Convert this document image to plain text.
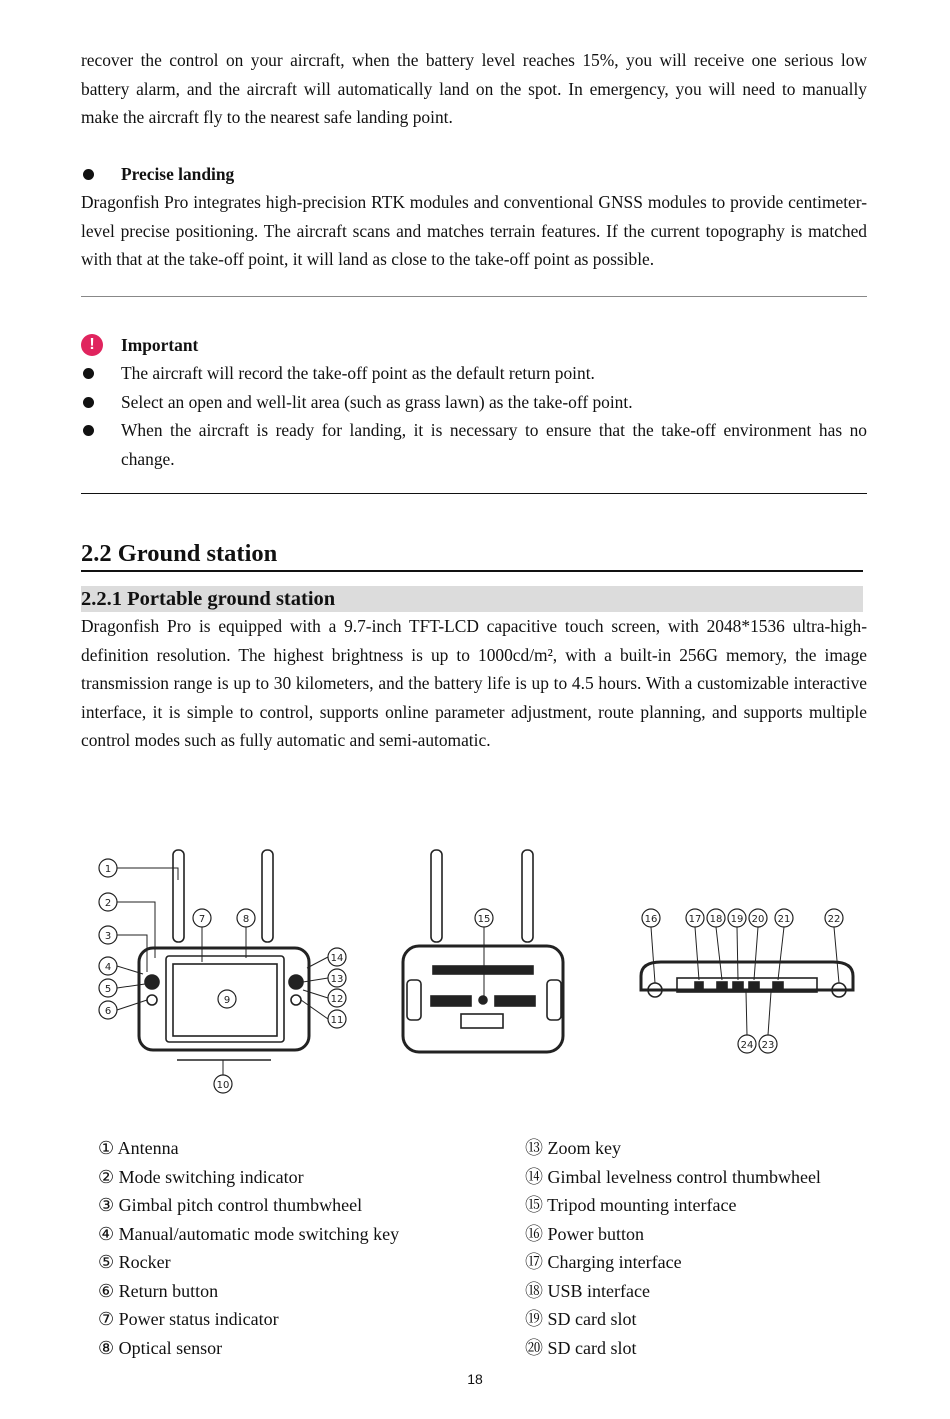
recover the control on your aircraft, when the battery level reaches 15%, you will receive one serious low battery alarm, and the aircraft will automatically land on the spot. In emergency, you will need to manually make the aircraft fly to the nearest safe landing point.

Precise landing

Dragonfish Pro integrates high-precision RTK modules and conventional GNSS modules to provide centimeter-level precise positioning. The aircraft scans and matches terrain features. If the current topography is matched with that at the take-off point, it will land as close to the take-off point as possible.

!	Important
The aircraft will record the take-off point as the default return point.
Select an open and well-lit area (such as grass lawn) as the take-off point.
When the aircraft is ready for landing, it is necessary to ensure that the take-off environment has no change.
2.2 Ground station
2.2.1 Portable ground station

Dragonfish Pro is equipped with a 9.7-inch TFT-LCD capacitive touch screen, with 2048*1536 ultra-high-definition resolution. The highest brightness is up to 1000cd/m², with a built-in 256G memory, the image transmission range is up to 30 kilometers, and the battery life is up to 4.5 hours. With a customizable interactive interface, it is simple to control, supports online parameter adjustment, route planning, and supports multiple control modes such as fully automatic and semi-automatic.

1
2
3
4
5
6
7	8
9
10
11
12
13
14
15	16	17 18 19 20 21	22
23
24
① Antenna
② Mode switching indicator
③ Gimbal pitch control thumbwheel
④ Manual/automatic mode switching key
⑤ Rocker
⑥ Return button
⑦ Power status indicator
⑧ Optical sensor
⑬ Zoom key
⑭ Gimbal levelness control thumbwheel
⑮ Tripod mounting interface
⑯ Power button
⑰ Charging interface
⑱ USB interface
⑲ SD card slot
⑳ SD card slot
18
